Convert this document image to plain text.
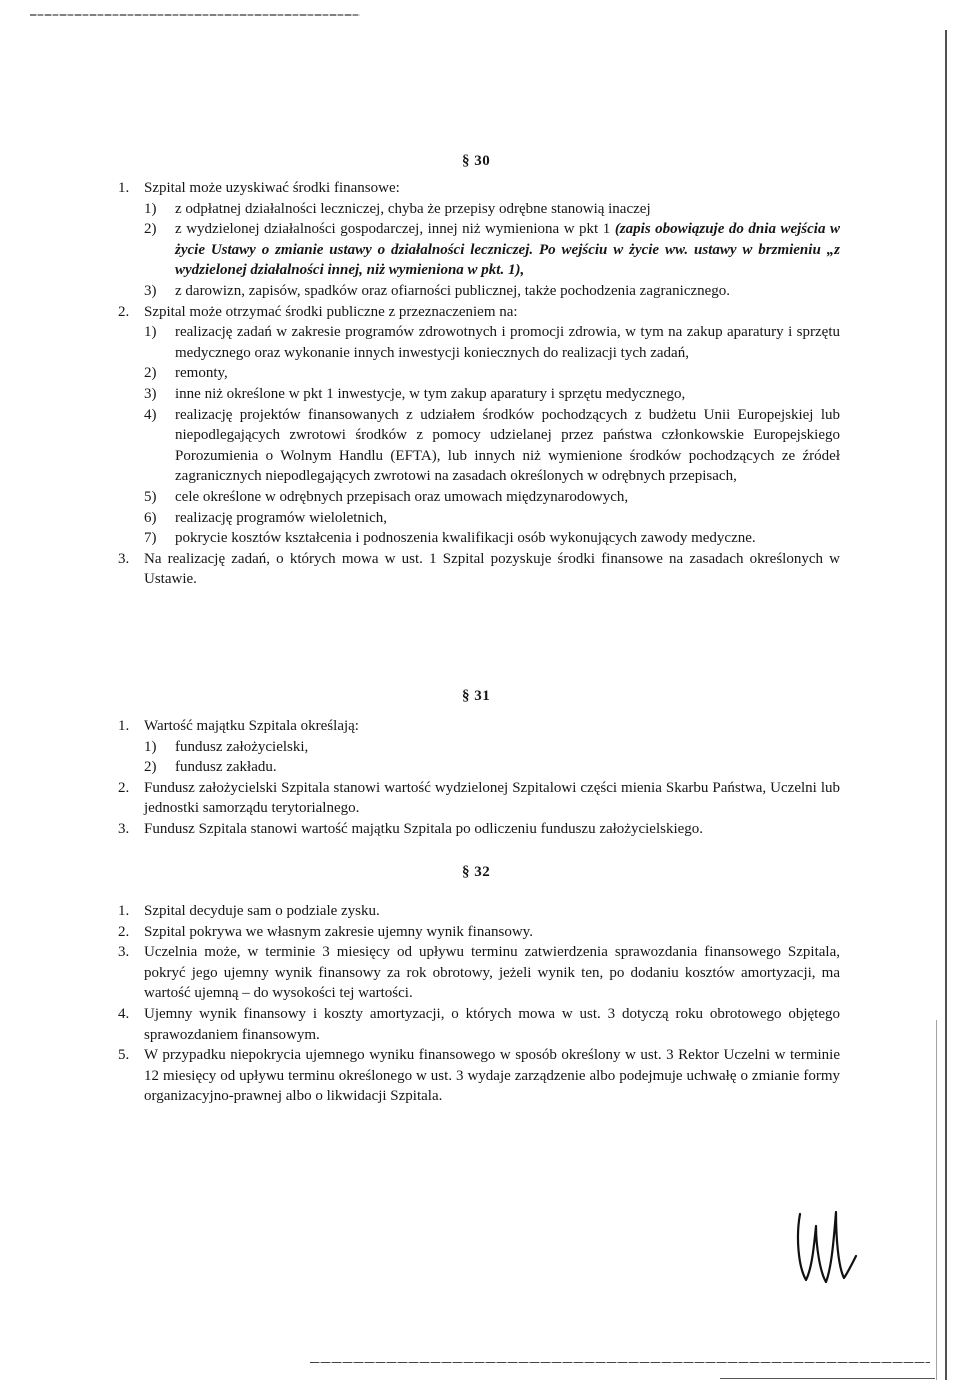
§ 30
1. Szpital może uzyskiwać środki finansowe:
1) z odpłatnej działalności leczniczej, chyba że przepisy odrębne stanowią inaczej
2) z wydzielonej działalności gospodarczej, innej niż wymieniona w pkt 1 (zapis obowiązuje do dnia wejścia w życie Ustawy o zmianie ustawy o działalności leczniczej. Po wejściu w życie ww. ustawy w brzmieniu „z wydzielonej działalności innej, niż wymieniona w pkt. 1),
3) z darowizn, zapisów, spadków oraz ofiarności publicznej, także pochodzenia zagranicznego.
2. Szpital może otrzymać środki publiczne z przeznaczeniem na:
1) realizację zadań w zakresie programów zdrowotnych i promocji zdrowia, w tym na zakup aparatury i sprzętu medycznego oraz wykonanie innych inwestycji koniecznych do realizacji tych zadań,
2) remonty,
3) inne niż określone w pkt 1 inwestycje, w tym zakup aparatury i sprzętu medycznego,
4) realizację projektów finansowanych z udziałem środków pochodzących z budżetu Unii Europejskiej lub niepodlegających zwrotowi środków z pomocy udzielanej przez państwa członkowskie Europejskiego Porozumienia o Wolnym Handlu (EFTA), lub innych niż wymienione środków pochodzących ze źródeł zagranicznych niepodlegających zwrotowi na zasadach określonych w odrębnych przepisach,
5) cele określone w odrębnych przepisach oraz umowach międzynarodowych,
6) realizację programów wieloletnich,
7) pokrycie kosztów kształcenia i podnoszenia kwalifikacji osób wykonujących zawody medyczne.
3. Na realizację zadań, o których mowa w ust. 1 Szpital pozyskuje środki finansowe na zasadach określonych w Ustawie.
§ 31
1. Wartość majątku Szpitala określają:
1) fundusz założycielski,
2) fundusz zakładu.
2. Fundusz założycielski Szpitala stanowi wartość wydzielonej Szpitalowi części mienia Skarbu Państwa, Uczelni lub jednostki samorządu terytorialnego.
3. Fundusz Szpitala stanowi wartość majątku Szpitala po odliczeniu funduszu założycielskiego.
§ 32
1. Szpital decyduje sam o podziale zysku.
2. Szpital pokrywa we własnym zakresie ujemny wynik finansowy.
3. Uczelnia może, w terminie 3 miesięcy od upływu terminu zatwierdzenia sprawozdania finansowego Szpitala, pokryć jego ujemny wynik finansowy za rok obrotowy, jeżeli wynik ten, po dodaniu kosztów amortyzacji, ma wartość ujemną – do wysokości tej wartości.
4. Ujemny wynik finansowy i koszty amortyzacji, o których mowa w ust. 3 dotyczą roku obrotowego objętego sprawozdaniem finansowym.
5. W przypadku niepokrycia ujemnego wyniku finansowego w sposób określony w ust. 3 Rektor Uczelni w terminie 12 miesięcy od upływu terminu określonego w ust. 3 wydaje zarządzenie albo podejmuje uchwałę o zmianie formy organizacyjno-prawnej albo o likwidacji Szpitala.
